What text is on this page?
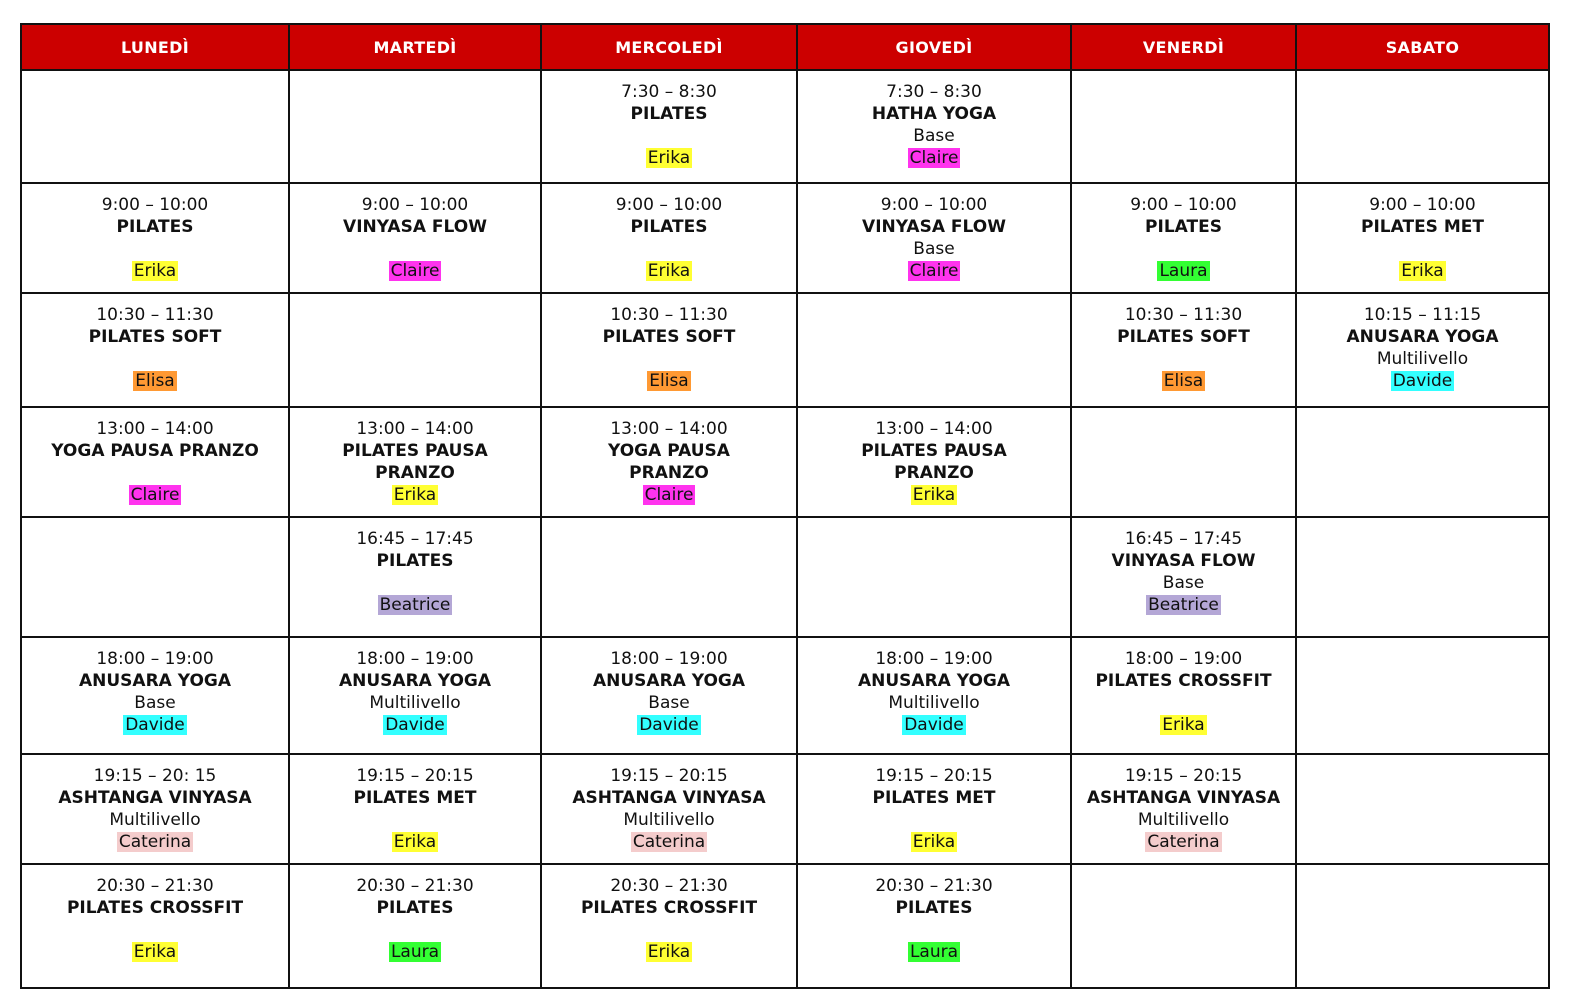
LUNEDÌ	MARTEDÌ	MERCOLEDÌ	GIOVEDÌ	VENERDÌ	SABATO

		7:30 – 8:30
PILATES
Erika	7:30 – 8:30
HATHA YOGA
Base
Claire		

9:00 – 10:00
PILATES
Erika	9:00 – 10:00
VINYASA FLOW
Claire	9:00 – 10:00
PILATES
Erika	9:00 – 10:00
VINYASA FLOW
Base
Claire	9:00 – 10:00
PILATES
Laura	9:00 – 10:00
PILATES MET
Erika

10:30 – 11:30
PILATES SOFT
Elisa		10:30 – 11:30
PILATES SOFT
Elisa		10:30 – 11:30
PILATES SOFT
Elisa	10:15 – 11:15
ANUSARA YOGA
Multilivello
Davide

13:00 – 14:00
YOGA PAUSA PRANZO
Claire	13:00 – 14:00
PILATES PAUSA
PRANZO
Erika	13:00 – 14:00
YOGA PAUSA
PRANZO
Claire	13:00 – 14:00
PILATES PAUSA
PRANZO
Erika		

	16:45 – 17:45
PILATES
Beatrice			16:45 – 17:45
VINYASA FLOW
Base
Beatrice	

18:00 – 19:00
ANUSARA YOGA
Base
Davide	18:00 – 19:00
ANUSARA YOGA
Multilivello
Davide	18:00 – 19:00
ANUSARA YOGA
Base
Davide	18:00 – 19:00
ANUSARA YOGA
Multilivello
Davide	18:00 – 19:00
PILATES CROSSFIT
Erika	

19:15 – 20: 15
ASHTANGA VINYASA
Multilivello
Caterina	19:15 – 20:15
PILATES MET
Erika	19:15 – 20:15
ASHTANGA VINYASA
Multilivello
Caterina	19:15 – 20:15
PILATES MET
Erika	19:15 – 20:15
ASHTANGA VINYASA
Multilivello
Caterina	

20:30 – 21:30
PILATES CROSSFIT
Erika	20:30 – 21:30
PILATES
Laura	20:30 – 21:30
PILATES CROSSFIT
Erika	20:30 – 21:30
PILATES
Laura		
